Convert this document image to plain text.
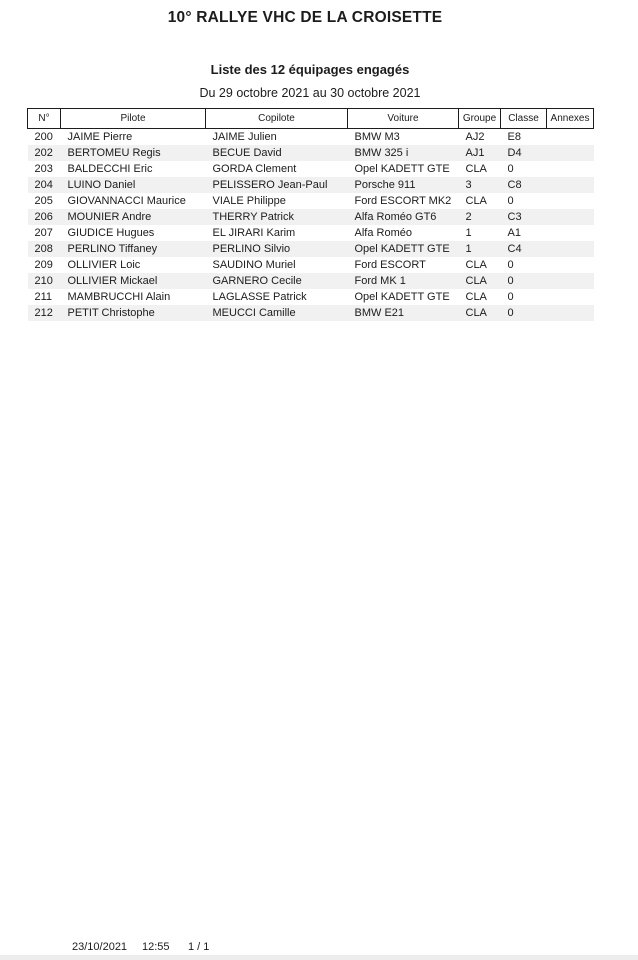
10° RALLYE VHC DE LA CROISETTE
Liste des 12 équipages engagés
Du 29 octobre 2021 au 30 octobre 2021
N°	Pilote	Copilote	Voiture	Groupe	Classe	Annexes
200	JAIME Pierre	JAIME Julien	BMW M3	AJ2	E8	
202	BERTOMEU Regis	BECUE David	BMW 325 i	AJ1	D4	
203	BALDECCHI Eric	GORDA Clement	Opel KADETT GTE	CLA	0	
204	LUINO Daniel	PELISSERO Jean-Paul	Porsche 911	3	C8	
205	GIOVANNACCI Maurice	VIALE Philippe	Ford ESCORT MK2	CLA	0	
206	MOUNIER Andre	THERRY Patrick	Alfa Roméo GT6	2	C3	
207	GIUDICE Hugues	EL JIRARI Karim	Alfa Roméo	1	A1	
208	PERLINO Tiffaney	PERLINO Silvio	Opel KADETT GTE	1	C4	
209	OLLIVIER Loic	SAUDINO Muriel	Ford ESCORT	CLA	0	
210	OLLIVIER Mickael	GARNERO Cecile	Ford MK 1	CLA	0	
211	MAMBRUCCHI Alain	LAGLASSE Patrick	Opel KADETT GTE	CLA	0	
212	PETIT Christophe	MEUCCI Camille	BMW E21	CLA	0	
23/10/2021 12:55 1 / 1
